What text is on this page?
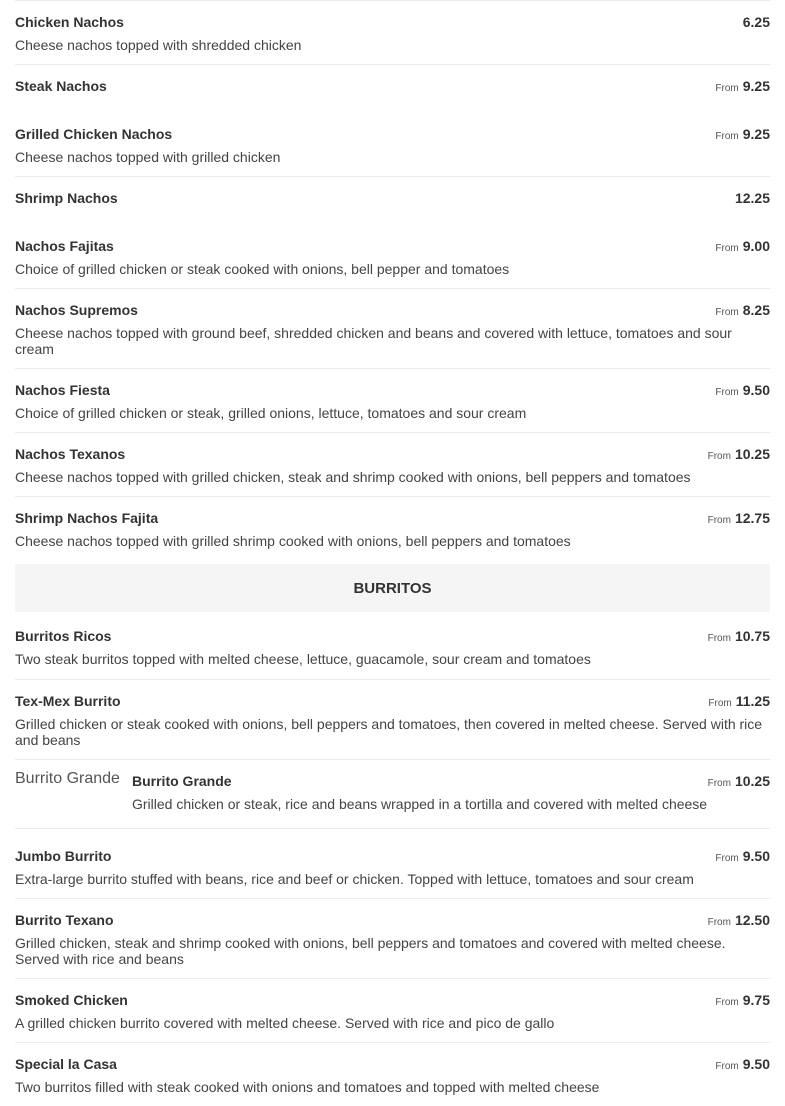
Chicken Nachos
Cheese nachos topped with shredded chicken
6.25
Steak Nachos	From 9.25
Grilled Chicken Nachos
Cheese nachos topped with grilled chicken
From 9.25
Shrimp Nachos	12.25
Nachos Fajitas
Choice of grilled chicken or steak cooked with onions, bell pepper and tomatoes
From 9.00
Nachos Supremos
Cheese nachos topped with ground beef, shredded chicken and beans and covered with lettuce, tomatoes and sour cream
From 8.25
Nachos Fiesta
Choice of grilled chicken or steak, grilled onions, lettuce, tomatoes and sour cream
From 9.50
Nachos Texanos
Cheese nachos topped with grilled chicken, steak and shrimp cooked with onions, bell peppers and tomatoes
From 10.25
Shrimp Nachos Fajita
Cheese nachos topped with grilled shrimp cooked with onions, bell peppers and tomatoes
From 12.75
BURRITOS
Burritos Ricos
Two steak burritos topped with melted cheese, lettuce, guacamole, sour cream and tomatoes
From 10.75
Tex-Mex Burrito
Grilled chicken or steak cooked with onions, bell peppers and tomatoes, then covered in melted cheese. Served with rice and beans
From 11.25
Burrito Grande Burrito Grande
Grilled chicken or steak, rice and beans wrapped in a tortilla and covered with melted cheese
From 10.25
Jumbo Burrito
Extra-large burrito stuffed with beans, rice and beef or chicken. Topped with lettuce, tomatoes and sour cream
From 9.50
Burrito Texano
Grilled chicken, steak and shrimp cooked with onions, bell peppers and tomatoes and covered with melted cheese. Served with rice and beans
From 12.50
Smoked Chicken
A grilled chicken burrito covered with melted cheese. Served with rice and pico de gallo
From 9.75
Special la Casa
Two burritos filled with steak cooked with onions and tomatoes and topped with melted cheese
From 9.50
